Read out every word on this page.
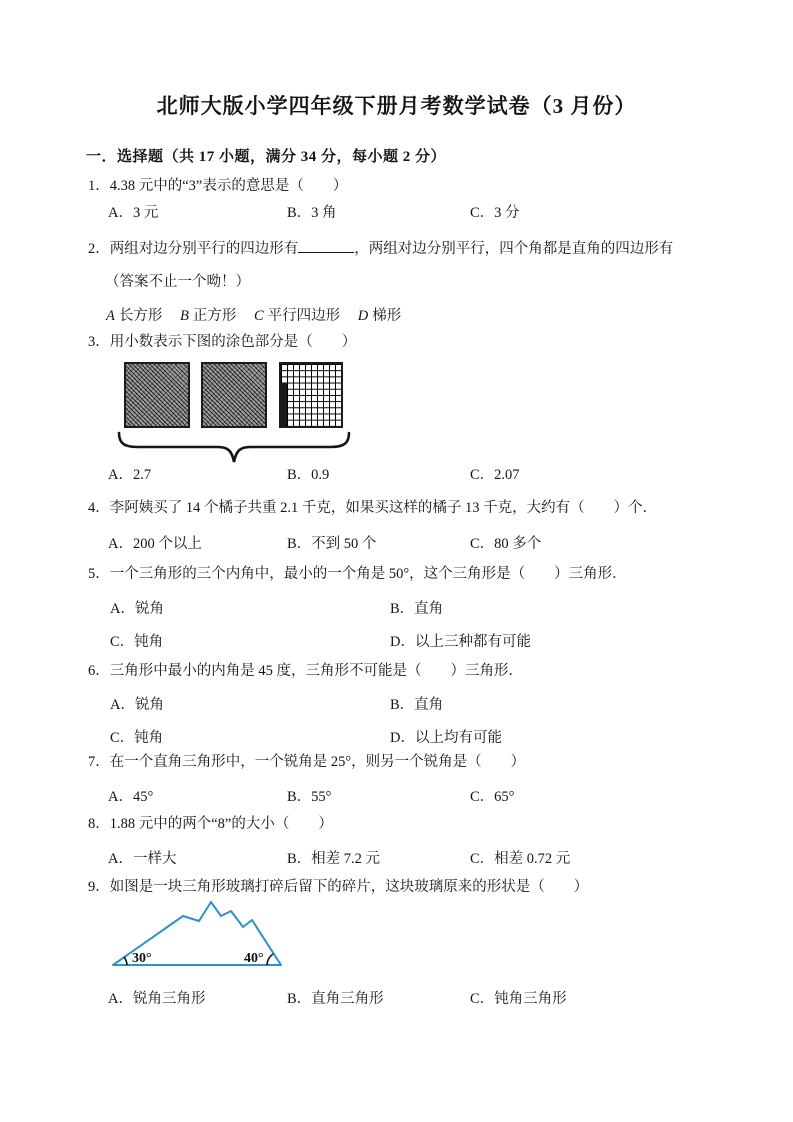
北师大版小学四年级下册月考数学试卷（3 月份）
一．选择题（共 17 小题，满分 34 分，每小题 2 分）
1．4.38 元中的“3”表示的意思是（　　）
A．3 元	B．3 角	C．3 分
2．两组对边分别平行的四边形有	，两组对边分别平行，四个角都是直角的四边形有
（答案不止一个呦！）
A 长方形 B 正方形 C 平行四边形 D 梯形
3．用小数表示下图的涂色部分是（　　）
A．2.7	B．0.9	C．2.07
4．李阿姨买了 14 个橘子共重 2.1 千克，如果买这样的橘子 13 千克，大约有（　　）个．
A．200 个以上	B．不到 50 个	C．80 多个
5．一个三角形的三个内角中，最小的一个角是 50°，这个三角形是（　　）三角形．
A．锐角	B．直角
C．钝角	D．以上三种都有可能
6．三角形中最小的内角是 45 度，三角形不可能是（　　）三角形．
A．锐角	B．直角
C．钝角	D．以上均有可能
7．在一个直角三角形中，一个锐角是 25°，则另一个锐角是（　　）
A．45°	B．55°	C．65°
8．1.88 元中的两个“8”的大小（　　）
A．一样大	B．相差 7.2 元	C．相差 0.72 元
9．如图是一块三角形玻璃打碎后留下的碎片，这块玻璃原来的形状是（　　）
30°	40°
A．锐角三角形	B．直角三角形	C．钝角三角形
